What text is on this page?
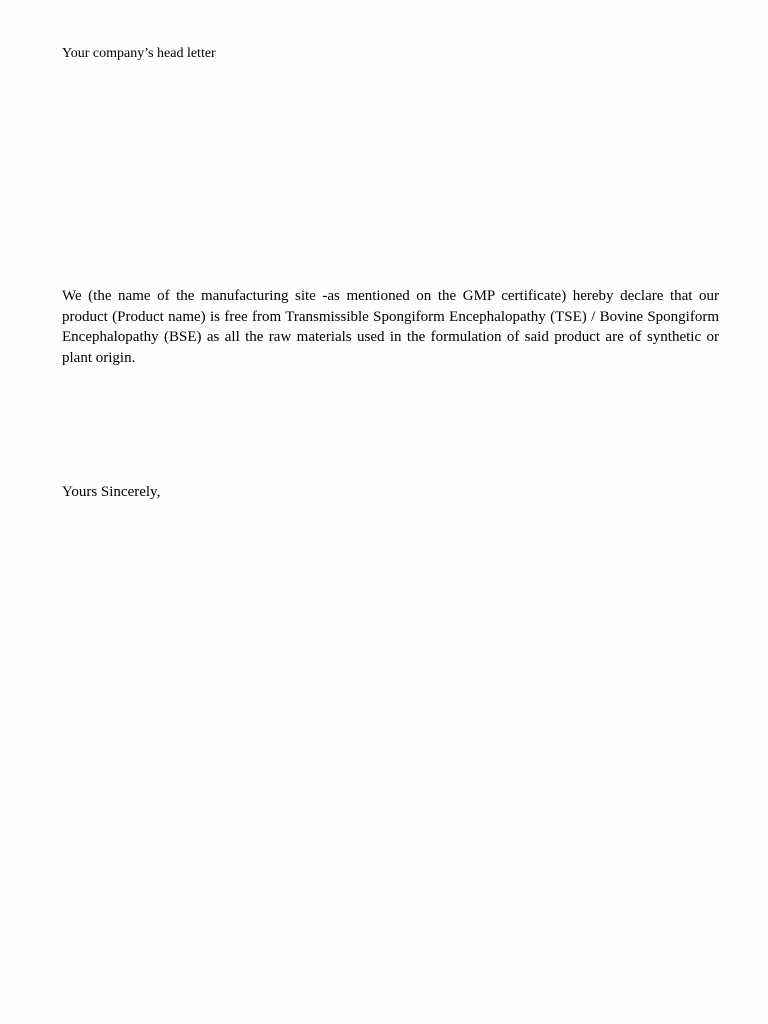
Your company’s head letter

We (the name of the manufacturing site -as mentioned on the GMP certificate) hereby declare that our product (Product name) is free from Transmissible Spongiform Encephalopathy (TSE) / Bovine Spongiform Encephalopathy (BSE) as all the raw materials used in the formulation of said product are of synthetic or plant origin.

Yours Sincerely,
